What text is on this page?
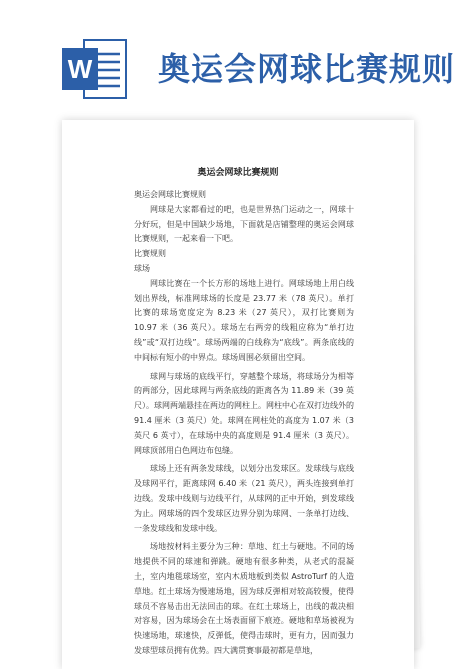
W 奥运会网球比赛规则
奥运会网球比赛规则

奥运会网球比赛规则

网球是大家都看过的吧，也是世界热门运动之一，网球十分好玩，但是中国缺少场地，下面就是店铺整理的奥运会网球比赛规则，一起来看一下吧。

比赛规则

球场

网球比赛在一个长方形的场地上进行。网球场地上用白线划出界线，标准网球场的长度是 23.77 米（78 英尺）。单打比赛的球场宽度定为 8.23 米（27 英尺），双打比赛则为 10.97 米（36 英尺）。球场左右两旁的线粗应称为“单打边线”或“双打边线”。球场两端的白线称为“底线”。两条底线的中间标有短小的中界点。球场周围必须留出空间。

球网与球场的底线平行，穿越整个球场，将球场分为相等的两部分，因此球网与两条底线的距离各为 11.89 米（39 英尺）。球网两端悬挂在两边的网柱上。网柱中心在双打边线外的 91.4 厘米（3 英尺）处。球网在网柱处的高度为 1.07 米（3 英尺 6 英寸），在球场中央的高度则是 91.4 厘米（3 英尺）。网球顶部用白色网边布包缝。

球场上还有两条发球线，以划分出发球区。发球线与底线及球网平行，距离球网 6.40 米（21 英尺），两头连接到单打边线。发球中线则与边线平行，从球网的正中开始，到发球线为止。网球场的四个发球区边界分别为球网、一条单打边线、一条发球线和发球中线。

场地按材料主要分为三种：草地、红土与硬地。不同的场地提供不同的球速和弹跳。硬地有很多种类，从老式的混凝土，室内地毯球场室，室内木质地板到类似 AstroTurf 的人造草地。红土球场为慢速场地，因为球反弹相对较高较慢，使得球员不容易击出无法回击的球。在红土球场上，出线的裁决相对容易，因为球场会在土场表面留下痕迹。硬地和草场被视为快速场地，球速快，反弹低，使得击球时，更有力，因而强力发球型球员拥有优势。四大满贯赛事最初都是草地，
